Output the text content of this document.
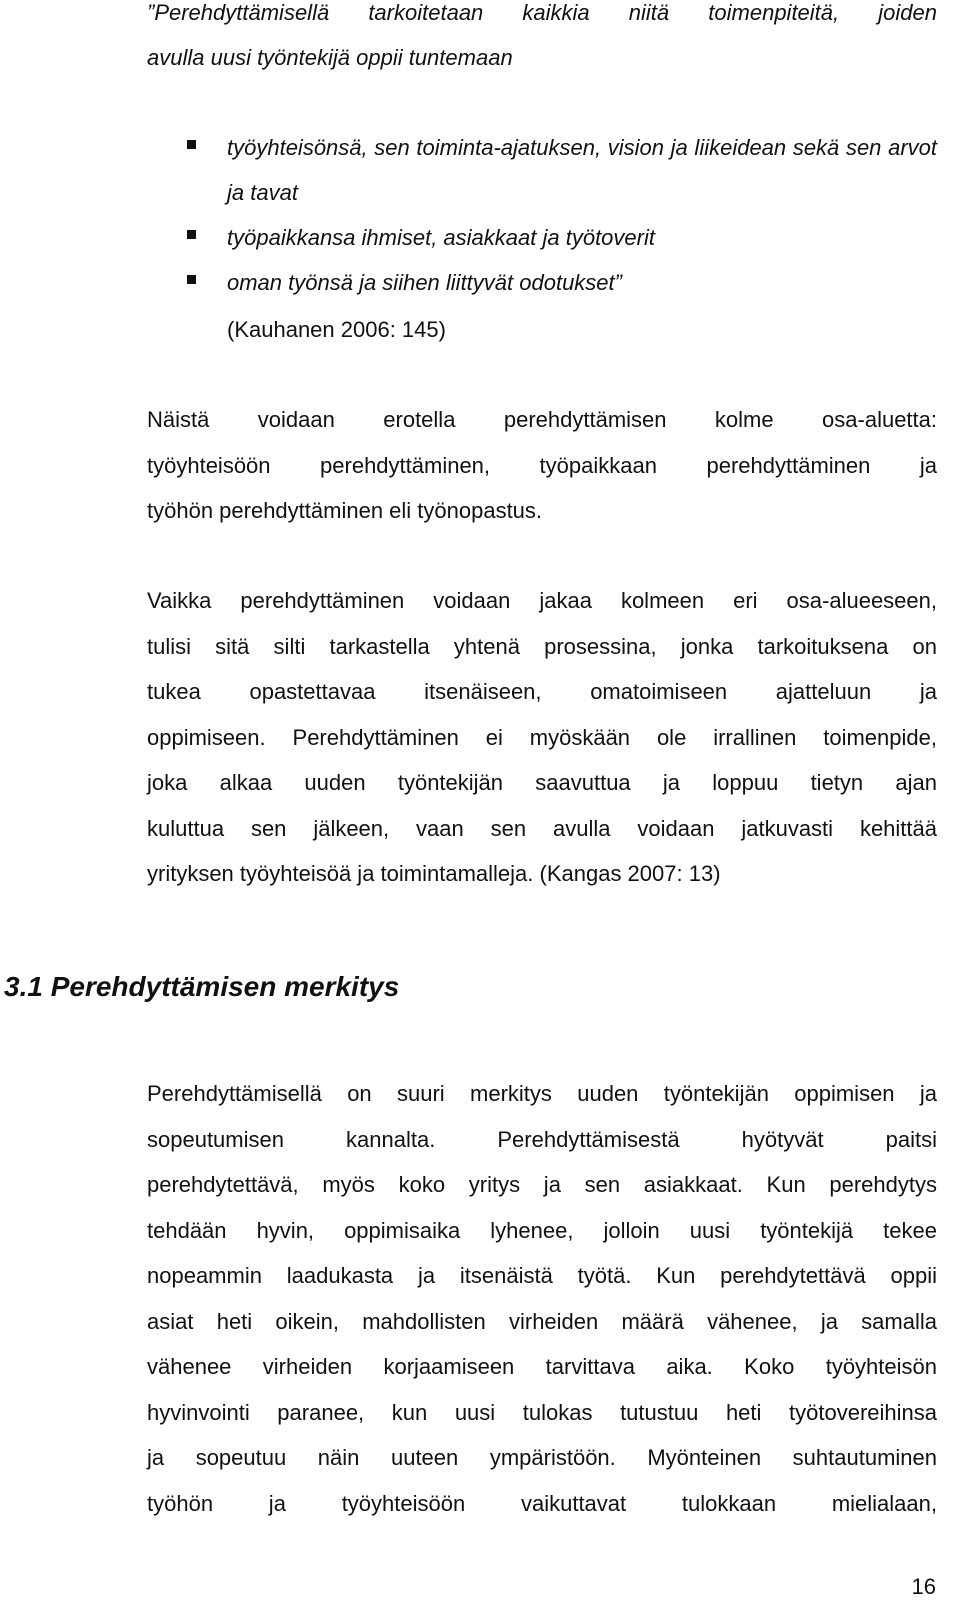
”Perehdyttämisellä tarkoitetaan kaikkia niitä toimenpiteitä, joiden
avulla uusi työntekijä oppii tuntemaan
työyhteisönsä, sen toiminta-ajatuksen, vision ja liikeidean sekä sen arvot ja tavat
työpaikkansa ihmiset, asiakkaat ja työtoverit
oman työnsä ja siihen liittyvät odotukset”
(Kauhanen 2006: 145)

Näistä voidaan erotella perehdyttämisen kolme osa-aluetta:
työyhteisöön perehdyttäminen, työpaikkaan perehdyttäminen ja
työhön perehdyttäminen eli työnopastus.

Vaikka perehdyttäminen voidaan jakaa kolmeen eri osa-alueeseen,
tulisi sitä silti tarkastella yhtenä prosessina, jonka tarkoituksena on
tukea opastettavaa itsenäiseen, omatoimiseen ajatteluun ja
oppimiseen. Perehdyttäminen ei myöskään ole irrallinen toimenpide,
joka alkaa uuden työntekijän saavuttua ja loppuu tietyn ajan
kuluttua sen jälkeen, vaan sen avulla voidaan jatkuvasti kehittää
yrityksen työyhteisöä ja toimintamalleja. (Kangas 2007: 13)

3.1 Perehdyttämisen merkitys

Perehdyttämisellä on suuri merkitys uuden työntekijän oppimisen ja
sopeutumisen kannalta. Perehdyttämisestä hyötyvät paitsi
perehdytettävä, myös koko yritys ja sen asiakkaat. Kun perehdytys
tehdään hyvin, oppimisaika lyhenee, jolloin uusi työntekijä tekee
nopeammin laadukasta ja itsenäistä työtä. Kun perehdytettävä oppii
asiat heti oikein, mahdollisten virheiden määrä vähenee, ja samalla
vähenee virheiden korjaamiseen tarvittava aika. Koko työyhteisön
hyvinvointi paranee, kun uusi tulokas tutustuu heti työtovereihinsa
ja sopeutuu näin uuteen ympäristöön. Myönteinen suhtautuminen
työhön ja työyhteisöön vaikuttavat tulokkaan mielialaan,

16
